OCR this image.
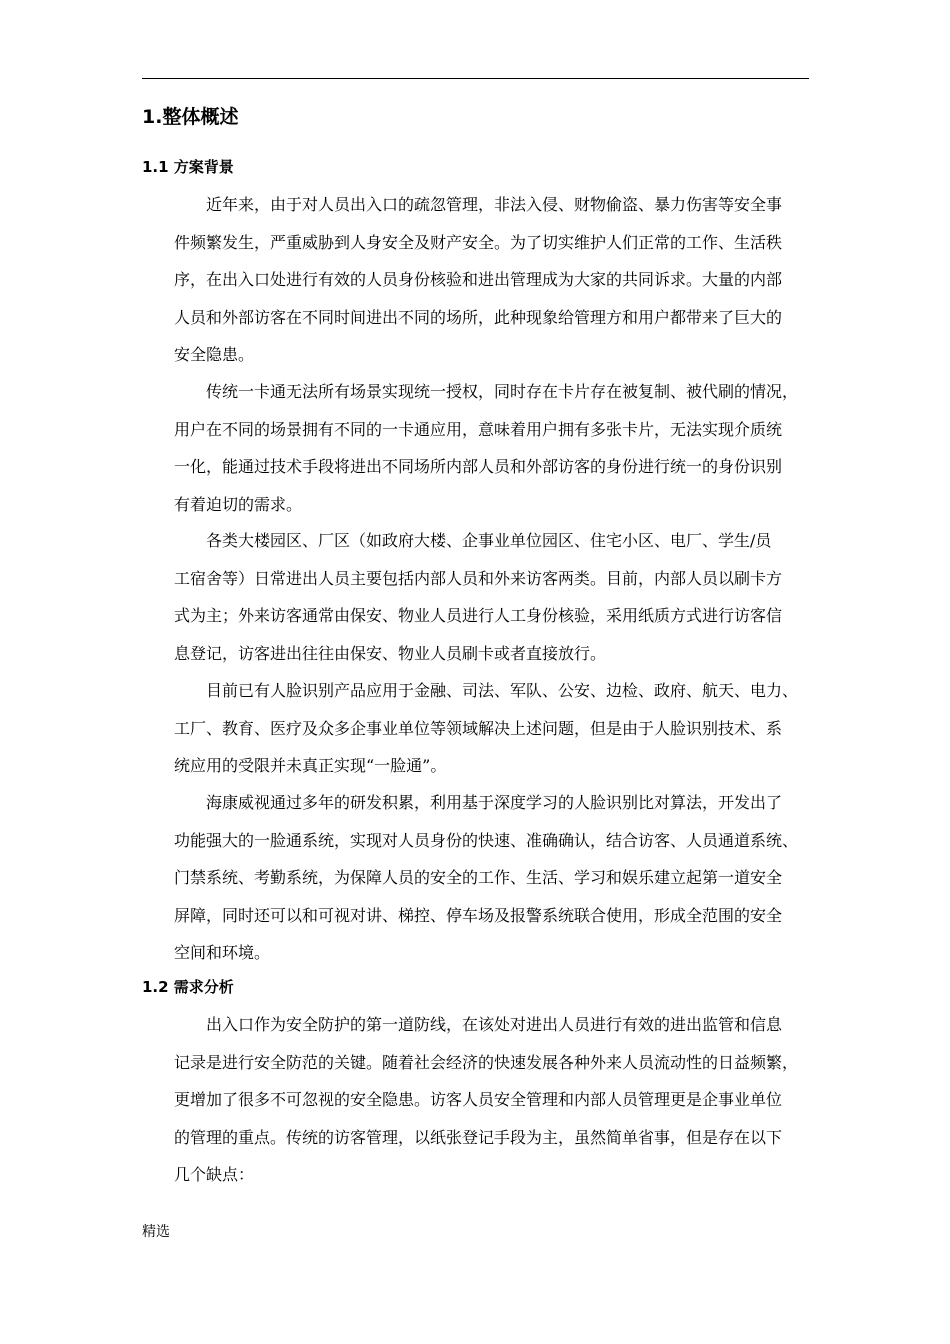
1.整体概述
1.1 方案背景
近年来，由于对人员出入口的疏忽管理，非法入侵、财物偷盗、暴力伤害等安全事
件频繁发生，严重威胁到人身安全及财产安全。为了切实维护人们正常的工作、生活秩
序，在出入口处进行有效的人员身份核验和进出管理成为大家的共同诉求。大量的内部
人员和外部访客在不同时间进出不同的场所，此种现象给管理方和用户都带来了巨大的
安全隐患。
传统一卡通无法所有场景实现统一授权，同时存在卡片存在被复制、被代刷的情况，
用户在不同的场景拥有不同的一卡通应用，意味着用户拥有多张卡片，无法实现介质统
一化，能通过技术手段将进出不同场所内部人员和外部访客的身份进行统一的身份识别
有着迫切的需求。
各类大楼园区、厂区（如政府大楼、企事业单位园区、住宅小区、电厂、学生/员
工宿舍等）日常进出人员主要包括内部人员和外来访客两类。目前，内部人员以刷卡方
式为主；外来访客通常由保安、物业人员进行人工身份核验，采用纸质方式进行访客信
息登记，访客进出往往由保安、物业人员刷卡或者直接放行。
目前已有人脸识别产品应用于金融、司法、军队、公安、边检、政府、航天、电力、
工厂、教育、医疗及众多企事业单位等领域解决上述问题，但是由于人脸识别技术、系
统应用的受限并未真正实现“一脸通”。
海康威视通过多年的研发积累，利用基于深度学习的人脸识别比对算法，开发出了
功能强大的一脸通系统，实现对人员身份的快速、准确确认，结合访客、人员通道系统、
门禁系统、考勤系统，为保障人员的安全的工作、生活、学习和娱乐建立起第一道安全
屏障，同时还可以和可视对讲、梯控、停车场及报警系统联合使用，形成全范围的安全
空间和环境。
1.2 需求分析
出入口作为安全防护的第一道防线，在该处对进出人员进行有效的进出监管和信息
记录是进行安全防范的关键。随着社会经济的快速发展各种外来人员流动性的日益频繁，
更增加了很多不可忽视的安全隐患。访客人员安全管理和内部人员管理更是企事业单位
的管理的重点。传统的访客管理，以纸张登记手段为主，虽然简单省事，但是存在以下
几个缺点：
精选
